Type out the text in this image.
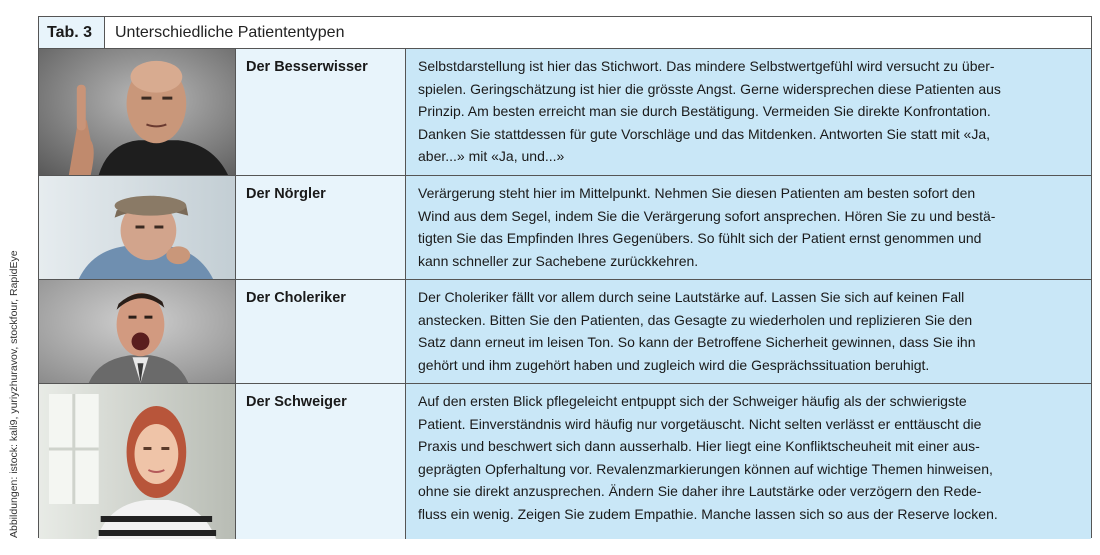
Abbildungen: istock: kali9, yuriyzhuravov, stockfour, RapidEye
Tab. 3	Unterschiedliche Patiententypen
Der Besserwisser	Selbstdarstellung ist hier das Stichwort. Das mindere Selbstwertgefühl wird versucht zu über-
spielen. Geringschätzung ist hier die grösste Angst. Gerne widersprechen diese Patienten aus
Prinzip. Am besten erreicht man sie durch Bestätigung. Vermeiden Sie direkte Konfrontation.
Danken Sie stattdessen für gute Vorschläge und das Mitdenken. Antworten Sie statt mit «Ja,
aber...» mit «Ja, und...»
Der Nörgler	Verärgerung steht hier im Mittelpunkt. Nehmen Sie diesen Patienten am besten sofort den
Wind aus dem Segel, indem Sie die Verärgerung sofort ansprechen. Hören Sie zu und bestä-
tigten Sie das Empfinden Ihres Gegenübers. So fühlt sich der Patient ernst genommen und
kann schneller zur Sachebene zurückkehren.
Der Choleriker	Der Choleriker fällt vor allem durch seine Lautstärke auf. Lassen Sie sich auf keinen Fall
anstecken. Bitten Sie den Patienten, das Gesagte zu wiederholen und replizieren Sie den
Satz dann erneut im leisen Ton. So kann der Betroffene Sicherheit gewinnen, dass Sie ihn
gehört und ihm zugehört haben und zugleich wird die Gesprächssituation beruhigt.
Der Schweiger	Auf den ersten Blick pflegeleicht entpuppt sich der Schweiger häufig als der schwierigste
Patient. Einverständnis wird häufig nur vorgetäuscht. Nicht selten verlässt er enttäuscht die
Praxis und beschwert sich dann ausserhalb. Hier liegt eine Konfliktscheuheit mit einer aus-
geprägten Opferhaltung vor. Revalenzmarkierungen können auf wichtige Themen hinweisen,
ohne sie direkt anzusprechen. Ändern Sie daher ihre Lautstärke oder verzögern den Rede-
fluss ein wenig. Zeigen Sie zudem Empathie. Manche lassen sich so aus der Reserve locken.
